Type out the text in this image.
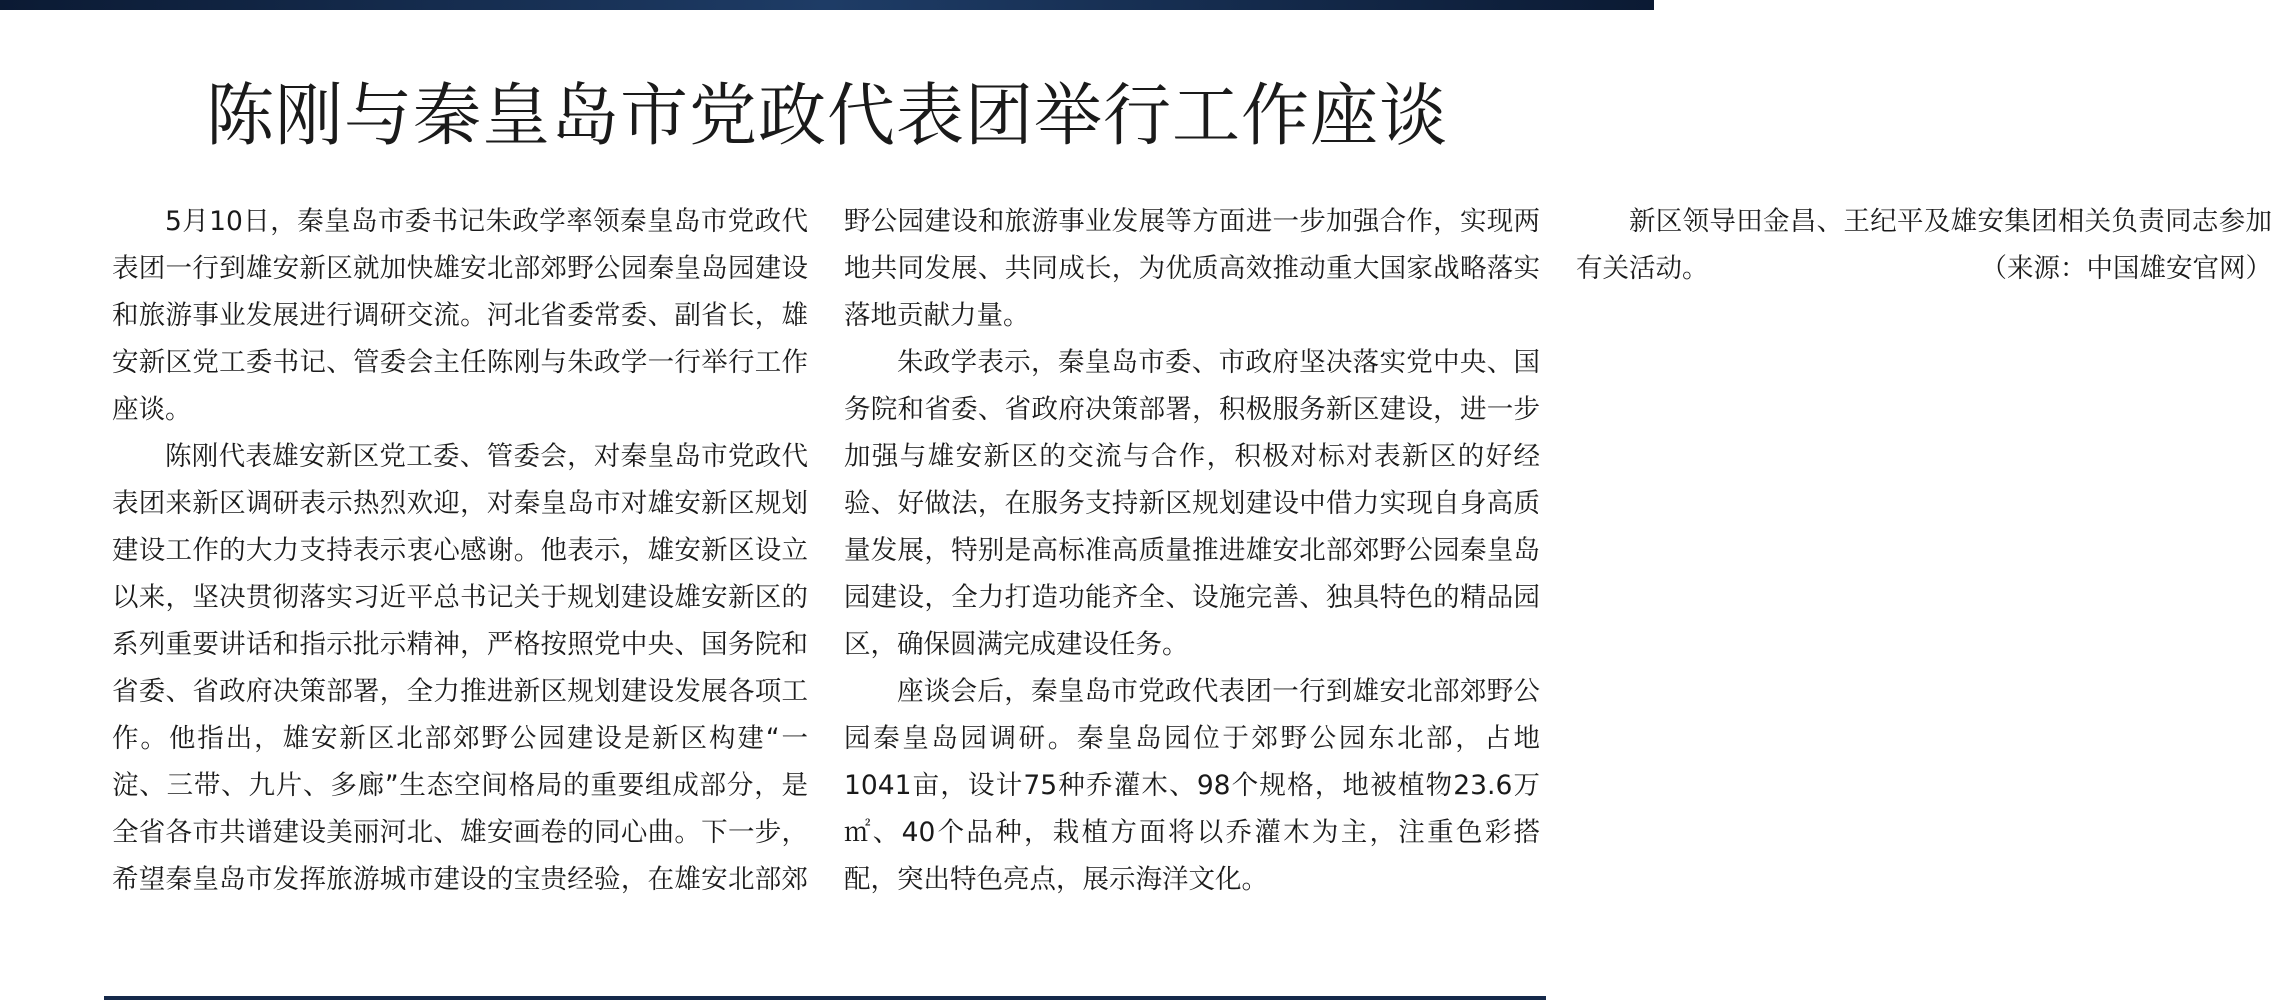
陈刚与秦皇岛市党政代表团举行工作座谈

5月10日，秦皇岛市委书记朱政学率领秦皇岛市党政代表团一行到雄安新区就加快雄安北部郊野公园秦皇岛园建设和旅游事业发展进行调研交流。河北省委常委、副省长，雄安新区党工委书记、管委会主任陈刚与朱政学一行举行工作座谈。

陈刚代表雄安新区党工委、管委会，对秦皇岛市党政代表团来新区调研表示热烈欢迎，对秦皇岛市对雄安新区规划建设工作的大力支持表示衷心感谢。他表示，雄安新区设立以来，坚决贯彻落实习近平总书记关于规划建设雄安新区的系列重要讲话和指示批示精神，严格按照党中央、国务院和省委、省政府决策部署，全力推进新区规划建设发展各项工作。他指出，雄安新区北部郊野公园建设是新区构建“一淀、三带、九片、多廊”生态空间格局的重要组成部分，是全省各市共谱建设美丽河北、雄安画卷的同心曲。下一步，希望秦皇岛市发挥旅游城市建设的宝贵经验，在雄安北部郊野公园建设和旅游事业发展等方面进一步加强合作，实现两地共同发展、共同成长，为优质高效推动重大国家战略落实落地贡献力量。

朱政学表示，秦皇岛市委、市政府坚决落实党中央、国务院和省委、省政府决策部署，积极服务新区建设，进一步加强与雄安新区的交流与合作，积极对标对表新区的好经验、好做法，在服务支持新区规划建设中借力实现自身高质量发展，特别是高标准高质量推进雄安北部郊野公园秦皇岛园建设，全力打造功能齐全、设施完善、独具特色的精品园区，确保圆满完成建设任务。

座谈会后，秦皇岛市党政代表团一行到雄安北部郊野公园秦皇岛园调研。秦皇岛园位于郊野公园东北部，占地1041亩，设计75种乔灌木、98个规格，地被植物23.6万㎡、40个品种，栽植方面将以乔灌木为主，注重色彩搭配，突出特色亮点，展示海洋文化。

新区领导田金昌、王纪平及雄安集团相关负责同志参加有关活动。	（来源：中国雄安官网）
